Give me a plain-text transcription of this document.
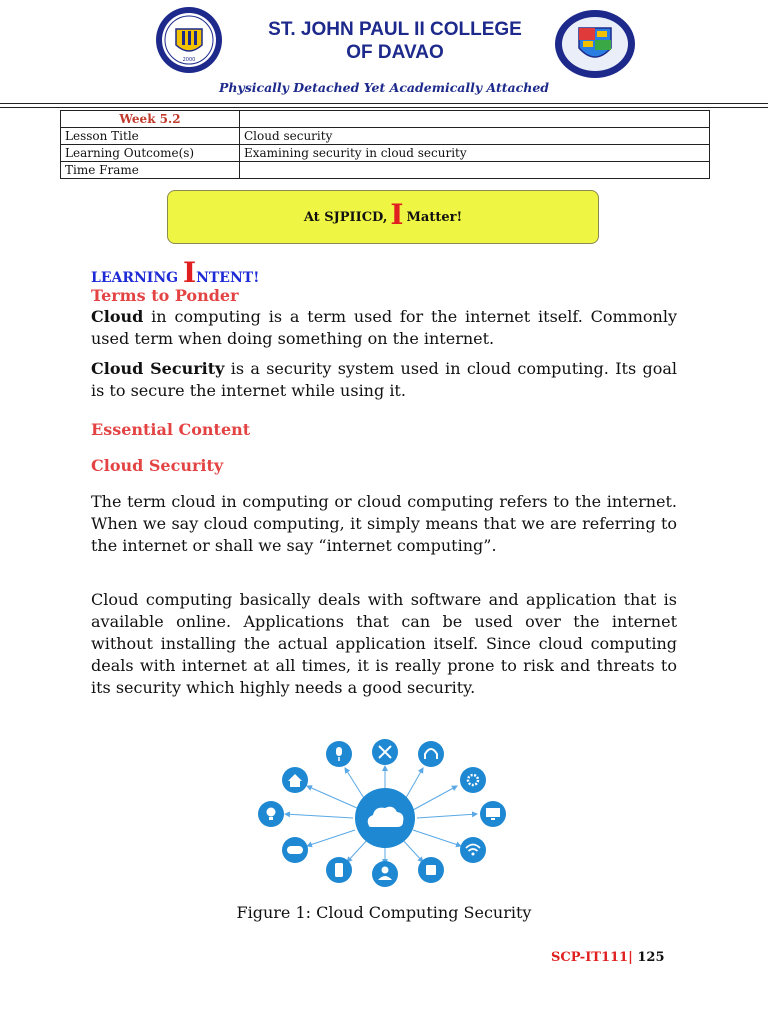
2000
ST. JOHN PAUL II COLLEGE
OF DAVAO
Physically Detached Yet Academically Attached
Week 5.2	
Lesson Title	Cloud security
Learning Outcome(s)	Examining security in cloud security
Time Frame	
At SJPIICD, I Matter!
LEARNING INTENT!
Terms to Ponder
Cloud in computing is a term used for the internet itself. Commonly used term when doing something on the internet.
Cloud Security is a security system used in cloud computing. Its goal is to secure the internet while using it.
Essential Content
Cloud Security
The term cloud in computing or cloud computing refers to the internet. When we say cloud computing, it simply means that we are referring to the internet or shall we say “internet computing”.
Cloud computing basically deals with software and application that is available online. Applications that can be used over the internet without installing the actual application itself. Since cloud computing deals with internet at all times, it is really prone to risk and threats to its security which highly needs a good security.
Figure 1: Cloud Computing Security
SCP-IT111| 125
